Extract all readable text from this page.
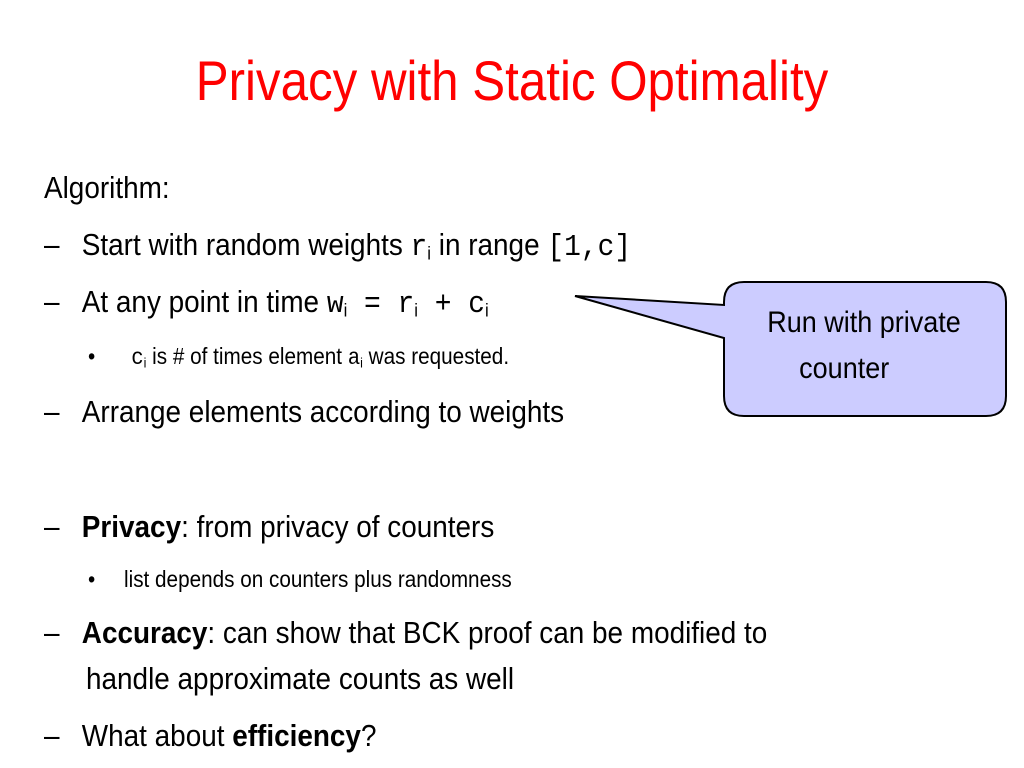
Privacy with Static Optimality
Algorithm:
– Start with random weights $r_i$ in range [1,c]
– At any point in time $w_i = r_i + c_i$
• $c_i$ is # of times element $a_i$ was requested.
– Arrange elements according to weights
– Privacy: from privacy of counters
• list depends on counters plus randomness
– Accuracy: can show that BCK proof can be modified to
handle approximate counts as well
– What about efficiency?
Run with private
counter
